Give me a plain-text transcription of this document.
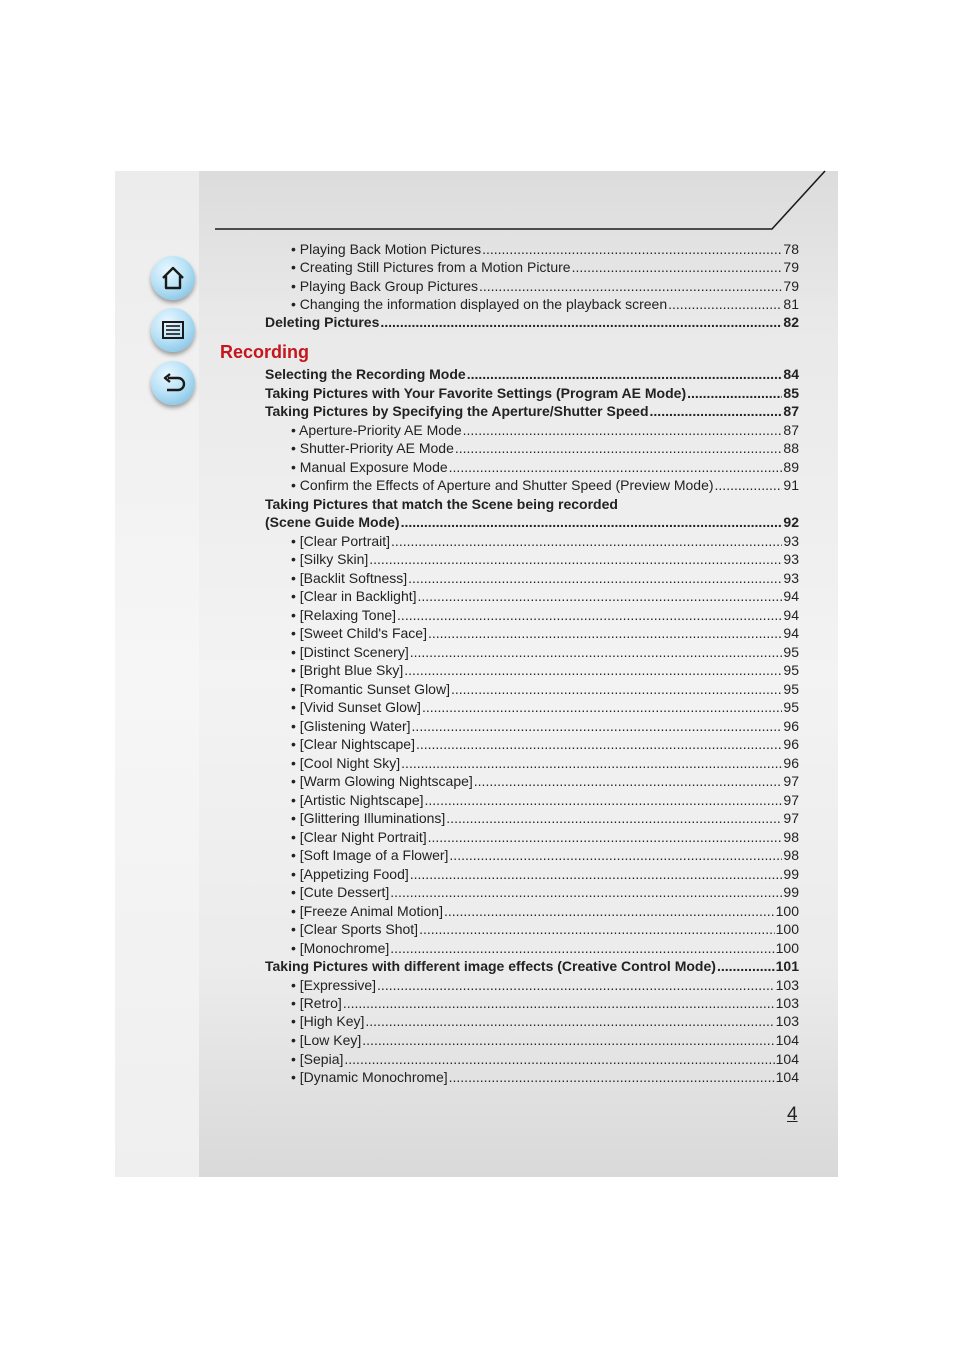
Recording
• Playing Back Motion Pictures .....	78
• Creating Still Pictures from a Motion Picture .....	79
• Playing Back Group Pictures .....	79
• Changing the information displayed on the playback screen .....	81
Deleting Pictures .....	82
Selecting the Recording Mode .....	84
Taking Pictures with Your Favorite Settings (Program AE Mode) .....	85
Taking Pictures by Specifying the Aperture/Shutter Speed .....	87
• Aperture-Priority AE Mode .....	87
• Shutter-Priority AE Mode .....	88
• Manual Exposure Mode .....	89
• Confirm the Effects of Aperture and Shutter Speed (Preview Mode) .....	91
Taking Pictures that match the Scene being recorded
(Scene Guide Mode) .....	92
• [Clear Portrait] .....	93
• [Silky Skin] .....	93
• [Backlit Softness] .....	93
• [Clear in Backlight] .....	94
• [Relaxing Tone] .....	94
• [Sweet Child's Face] .....	94
• [Distinct Scenery] .....	95
• [Bright Blue Sky] .....	95
• [Romantic Sunset Glow] .....	95
• [Vivid Sunset Glow] .....	95
• [Glistening Water] .....	96
• [Clear Nightscape] .....	96
• [Cool Night Sky] .....	96
• [Warm Glowing Nightscape] .....	97
• [Artistic Nightscape] .....	97
• [Glittering Illuminations] .....	97
• [Clear Night Portrait] .....	98
• [Soft Image of a Flower] .....	98
• [Appetizing Food] .....	99
• [Cute Dessert] .....	99
• [Freeze Animal Motion] .....	100
• [Clear Sports Shot] .....	100
• [Monochrome] .....	100
Taking Pictures with different image effects (Creative Control Mode) .....	101
• [Expressive] .....	103
• [Retro] .....	103
• [High Key] .....	103
• [Low Key] .....	104
• [Sepia] .....	104
• [Dynamic Monochrome] .....	104
4
